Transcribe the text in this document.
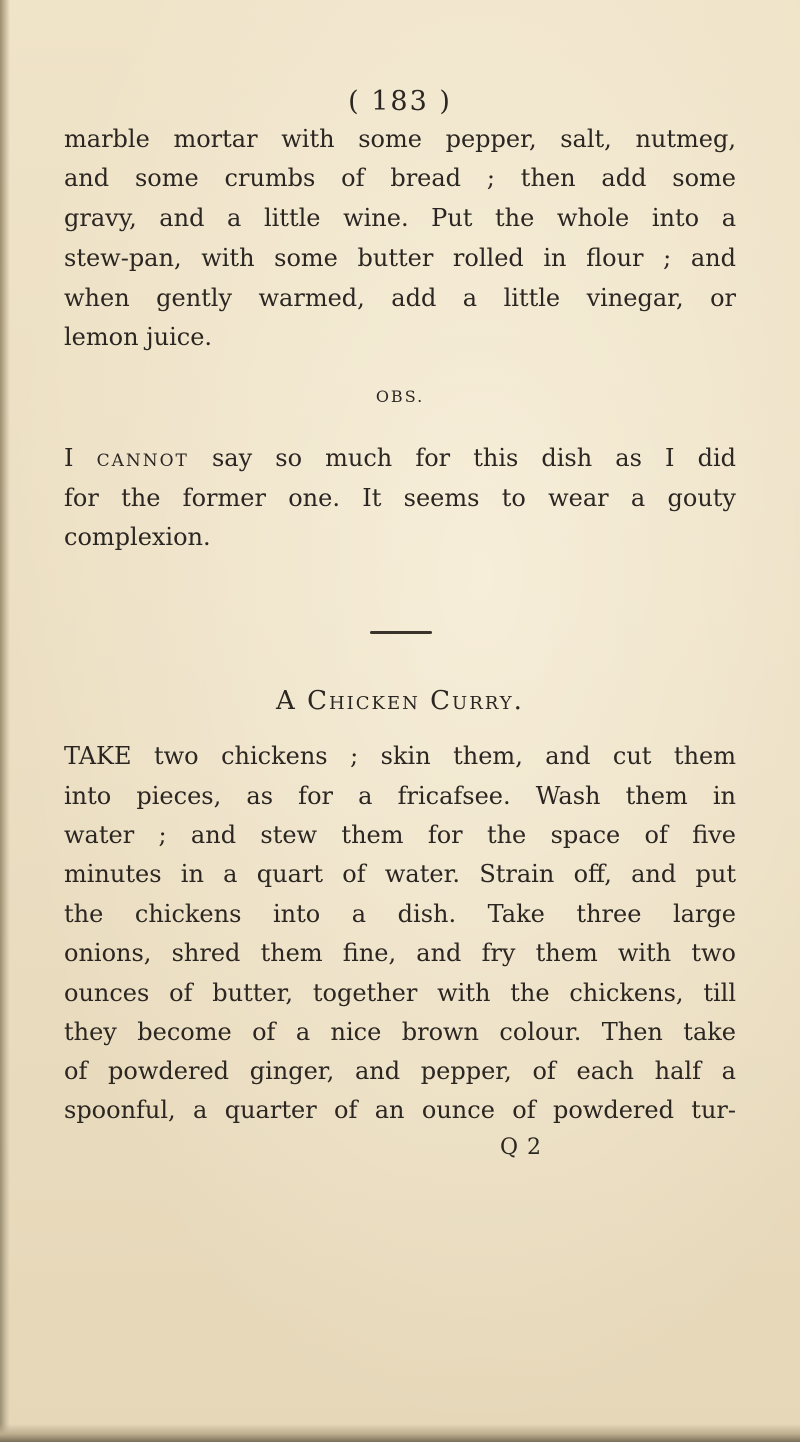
( 183 )
marble mortar with some pepper, salt, nutmeg,
and some crumbs of bread ; then add some
gravy, and a little wine. Put the whole into a
stew-pan, with some butter rolled in flour ; and
when gently warmed, add a little vinegar, or
lemon juice.
OBS.
I cannot say so much for this dish as I did
for the former one. It seems to wear a gouty
complexion.
A Chicken Curry.
TAKE two chickens ; skin them, and cut them
into pieces, as for a fricafsee. Wash them in
water ; and stew them for the space of five
minutes in a quart of water. Strain off, and put
the chickens into a dish. Take three large
onions, shred them fine, and fry them with two
ounces of butter, together with the chickens, till
they become of a nice brown colour. Then take
of powdered ginger, and pepper, of each half a
spoonful, a quarter of an ounce of powdered tur-
Q 2
